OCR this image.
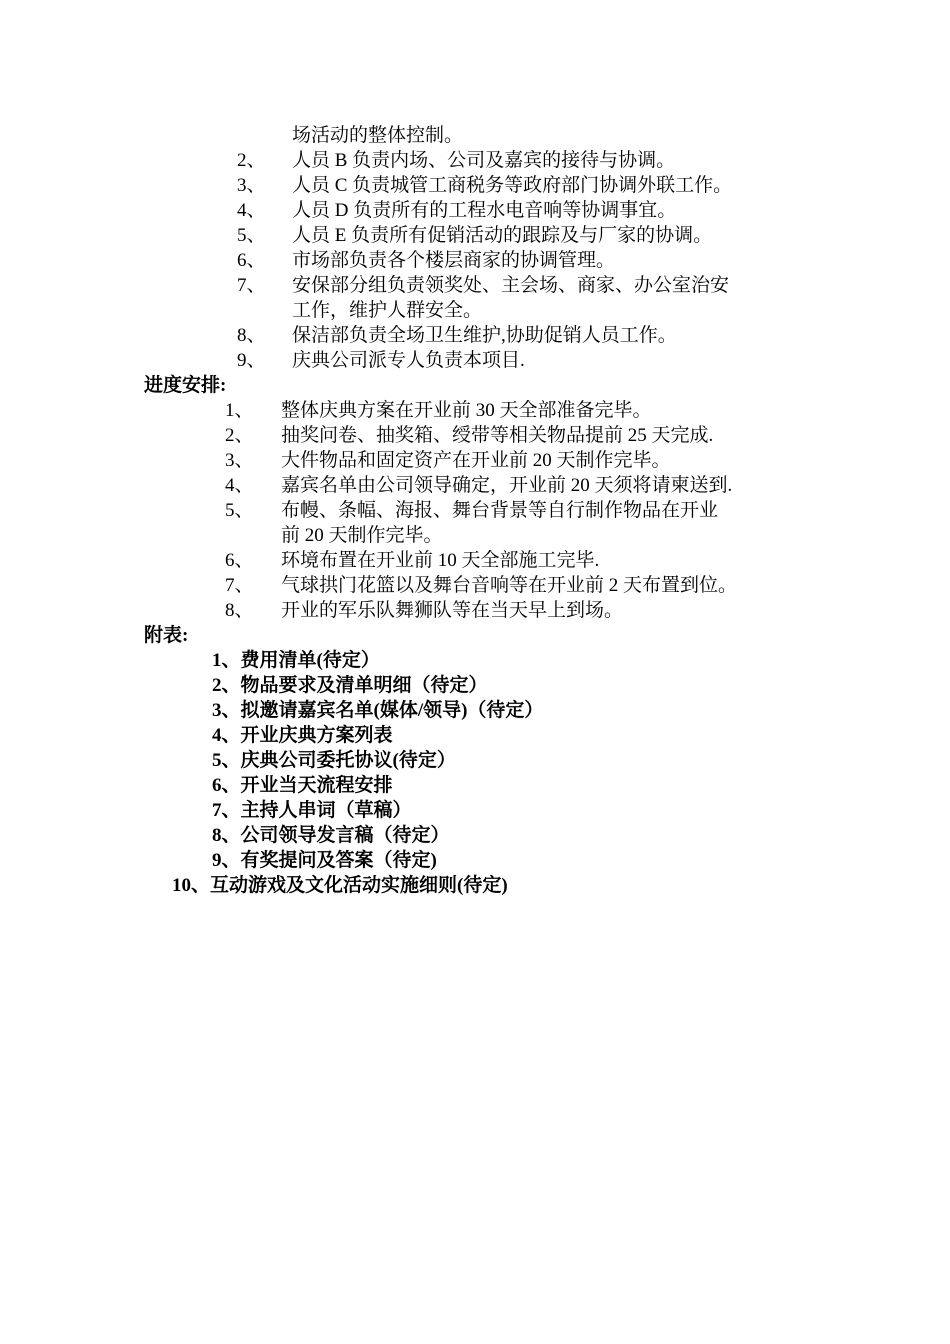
场活动的整体控制。
2、 人员 B 负责内场、公司及嘉宾的接待与协调。
3、 人员 C 负责城管工商税务等政府部门协调外联工作。
4、 人员 D 负责所有的工程水电音响等协调事宜。
5、 人员 E 负责所有促销活动的跟踪及与厂家的协调。
6、 市场部负责各个楼层商家的协调管理。
7、 安保部分组负责领奖处、主会场、商家、办公室治安
工作，维护人群安全。
8、 保洁部负责全场卫生维护,协助促销人员工作。
9、 庆典公司派专人负责本项目.
进度安排:
1、 整体庆典方案在开业前 30 天全部准备完毕。
2、 抽奖问卷、抽奖箱、绶带等相关物品提前 25 天完成.
3、 大件物品和固定资产在开业前 20 天制作完毕。
4、 嘉宾名单由公司领导确定，开业前 20 天须将请柬送到.
5、 布幔、条幅、海报、舞台背景等自行制作物品在开业
前 20 天制作完毕。
6、 环境布置在开业前 10 天全部施工完毕.
7、 气球拱门花篮以及舞台音响等在开业前 2 天布置到位。
8、 开业的军乐队舞狮队等在当天早上到场。
附表:
1、费用清单(待定）
2、物品要求及清单明细（待定）
3、拟邀请嘉宾名单(媒体/领导)（待定）
4、开业庆典方案列表
5、庆典公司委托协议(待定）
6、开业当天流程安排
7、主持人串词（草稿）
8、公司领导发言稿（待定）
9、有奖提问及答案（待定)
10、互动游戏及文化活动实施细则(待定)
